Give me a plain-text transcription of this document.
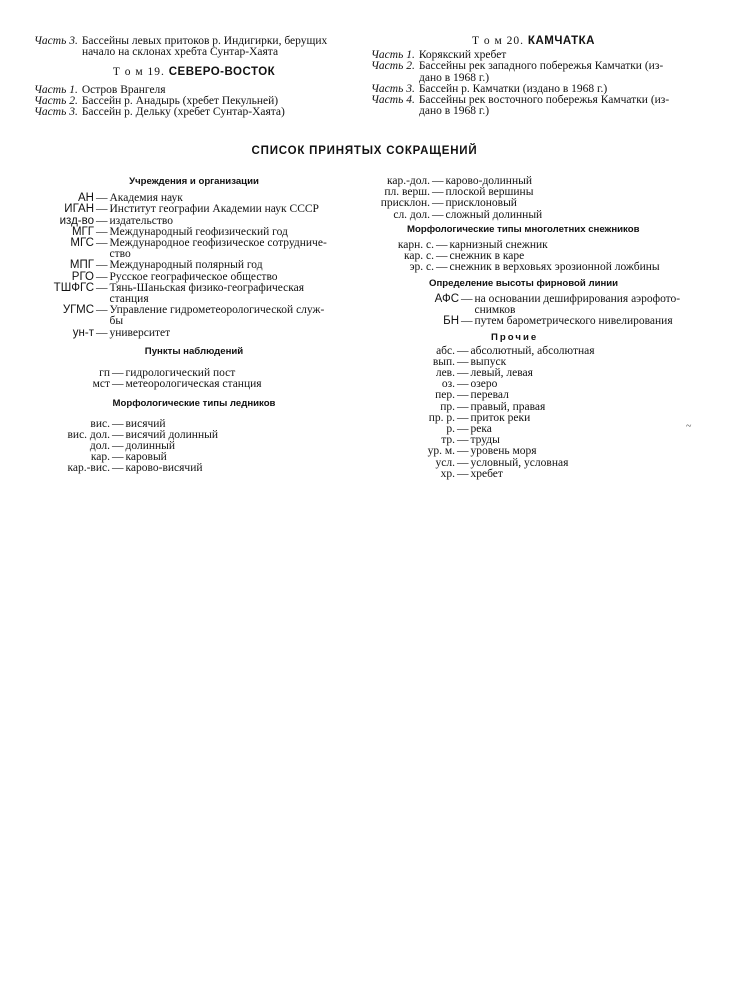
Часть 3. Бассейны левых притоков р. Индигирки, берущих
начало на склонах хребта Сунтар-Хаята

Т о м 19. СЕВЕРО-ВОСТОК

Часть 1. Остров Врангеля

Часть 2. Бассейн р. Анадырь (хребет Пекульней)

Часть 3. Бассейн р. Дельку (хребет Сунтар-Хаята)

Т о м 20. КАМЧАТКА

Часть 1. Корякский хребет

Часть 2. Бассейны рек западного побережья Камчатки (из-
дано в 1968 г.)

Часть 3. Бассейн р. Камчатки (издано в 1968 г.)

Часть 4. Бассейны рек восточного побережья Камчатки (из-
дано в 1968 г.)

СПИСОК ПРИНЯТЫХ СОКРАЩЕНИЙ

Учреждения и организации

АН — Академия наук
ИГАН — Институт географии Академии наук СССР
изд-во — издательство
МГГ — Международный геофизический год
МГС — Международное геофизическое сотрудниче-
ство
МПГ — Международный полярный год
РГО — Русское географическое общество
ТШФГС — Тянь-Шаньская физико-географическая
станция
УГМС — Управление гидрометеорологической служ-
бы
ун-т — университет

Пункты наблюдений

гп — гидрологический пост
мст — метеорологическая станция

Морфологические типы ледников

вис. — висячий
вис. дол. — висячий долинный
дол. — долинный
кар. — каровый
кар.-вис. — карово-висячий
кар.-дол. — карово-долинный
пл. верш. — плоской вершины
присклон. — присклоновый
сл. дол. — сложный долинный

Морфологические типы многолетних снежников

карн. с. — карнизный снежник
кар. с. — снежник в каре
эр. с. — снежник в верховьях эрозионной ложбины

Определение высоты фирновой линии

АФС — на основании дешифрирования аэрофото-
снимков
БН — путем барометрического нивелирования

Прочие

абс. — абсолютный, абсолютная
вып. — выпуск
лев. — левый, левая
оз. — озеро
пер. — перевал
пр. — правый, правая
пр. р. — приток реки
р. — река
тр. — труды
ур. м. — уровень моря
усл. — условный, условная
хр. — хребет
~
